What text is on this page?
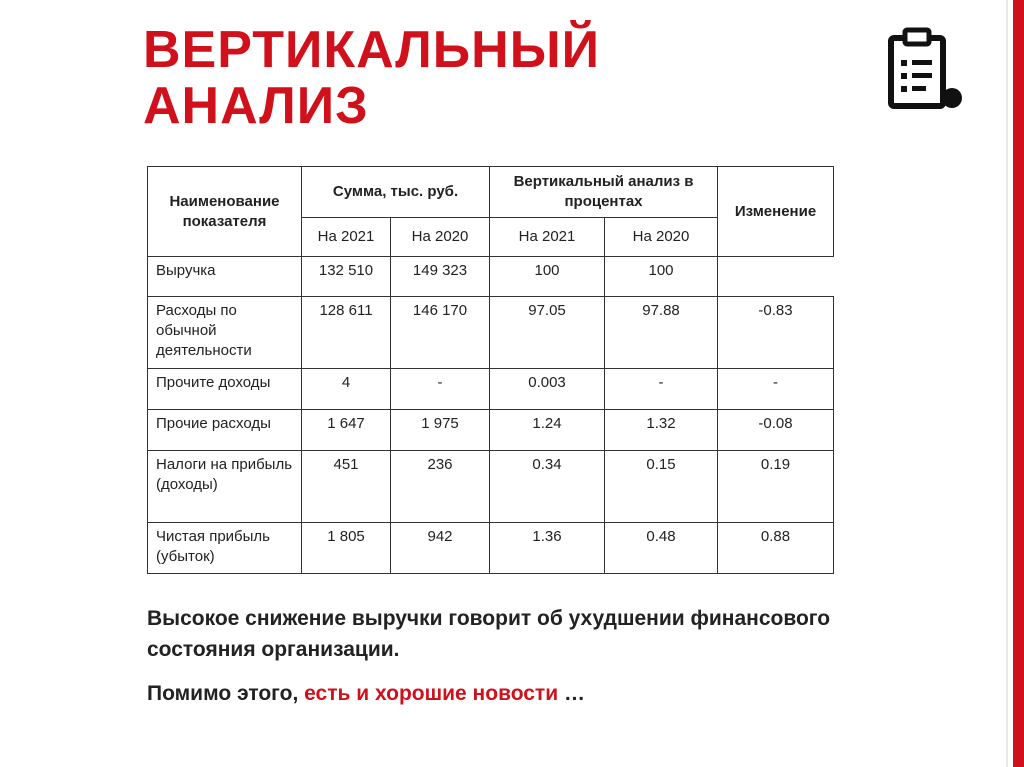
ВЕРТИКАЛЬНЫЙ
АНАЛИЗ
Наименование показателя	Сумма, тыс. руб.		Вертикальный анализ в процентах		Изменение
	На 2021	На 2020	На 2021	На 2020	
Выручка	132 510	149 323	100	100	
Расходы по обычной деятельности	128 611	146 170	97.05	97.88	-0.83
Прочите доходы	4	-	0.003	-	-
Прочие расходы	1 647	1 975	1.24	1.32	-0.08
Налоги на прибыль (доходы)	451	236	0.34	0.15	0.19
Чистая прибыль (убыток)	1 805	942	1.36	0.48	0.88

Высокое снижение выручки говорит об ухудшении финансового состояния организации.

Помимо этого, есть и хорошие новости …
